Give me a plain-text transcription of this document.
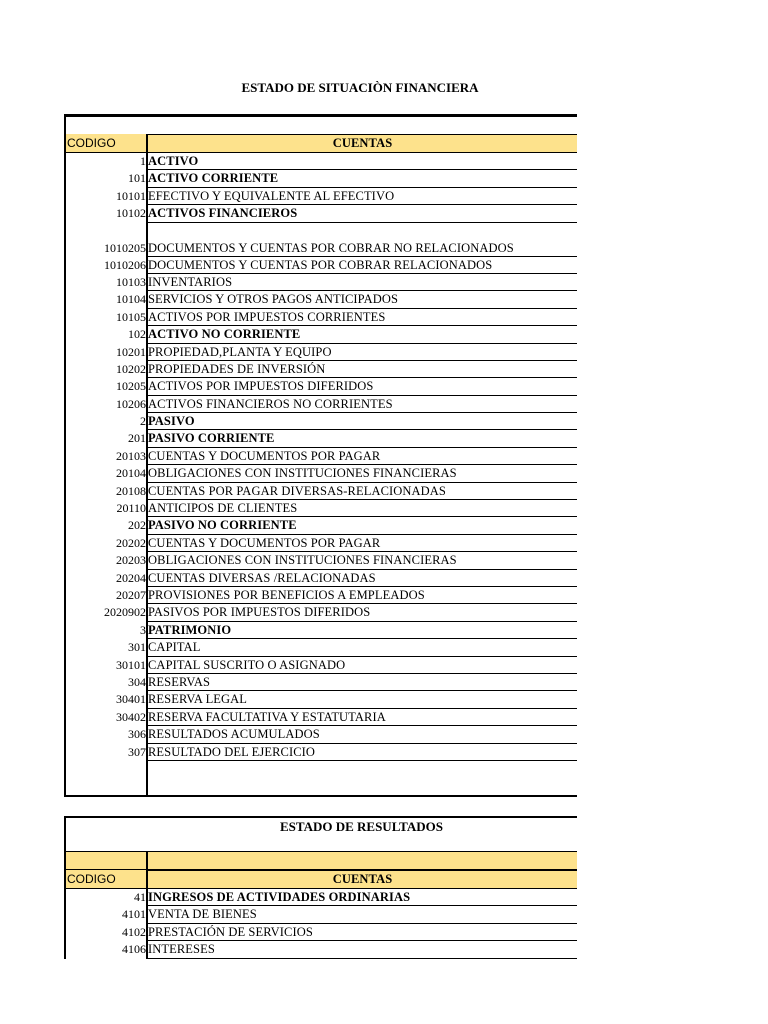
ESTADO DE SITUACIÒN FINANCIERA
CODIGO	CUENTAS
1 ACTIVO
101 ACTIVO CORRIENTE
10101 EFECTIVO Y EQUIVALENTE AL EFECTIVO
10102 ACTIVOS FINANCIEROS
1010205 DOCUMENTOS Y CUENTAS POR COBRAR NO RELACIONADOS
1010206 DOCUMENTOS Y CUENTAS POR COBRAR RELACIONADOS
10103 INVENTARIOS
10104 SERVICIOS Y OTROS PAGOS ANTICIPADOS
10105 ACTIVOS POR IMPUESTOS CORRIENTES
102 ACTIVO NO CORRIENTE
10201 PROPIEDAD,PLANTA Y EQUIPO
10202 PROPIEDADES DE INVERSIÓN
10205 ACTIVOS POR IMPUESTOS DIFERIDOS
10206 ACTIVOS FINANCIEROS NO CORRIENTES
2 PASIVO
201 PASIVO CORRIENTE
20103 CUENTAS Y DOCUMENTOS POR PAGAR
20104 OBLIGACIONES CON INSTITUCIONES FINANCIERAS
20108 CUENTAS POR PAGAR DIVERSAS-RELACIONADAS
20110 ANTICIPOS DE CLIENTES
202 PASIVO NO CORRIENTE
20202 CUENTAS Y DOCUMENTOS POR PAGAR
20203 OBLIGACIONES CON INSTITUCIONES FINANCIERAS
20204 CUENTAS DIVERSAS /RELACIONADAS
20207 PROVISIONES POR BENEFICIOS A EMPLEADOS
2020902 PASIVOS POR IMPUESTOS DIFERIDOS
3 PATRIMONIO
301 CAPITAL
30101 CAPITAL SUSCRITO O ASIGNADO
304 RESERVAS
30401 RESERVA LEGAL
30402 RESERVA FACULTATIVA Y ESTATUTARIA
306 RESULTADOS ACUMULADOS
307 RESULTADO DEL EJERCICIO
ESTADO DE RESULTADOS
CODIGO	CUENTAS
41 INGRESOS DE ACTIVIDADES ORDINARIAS
4101 VENTA DE BIENES
4102 PRESTACIÓN DE SERVICIOS
4106 INTERESES
